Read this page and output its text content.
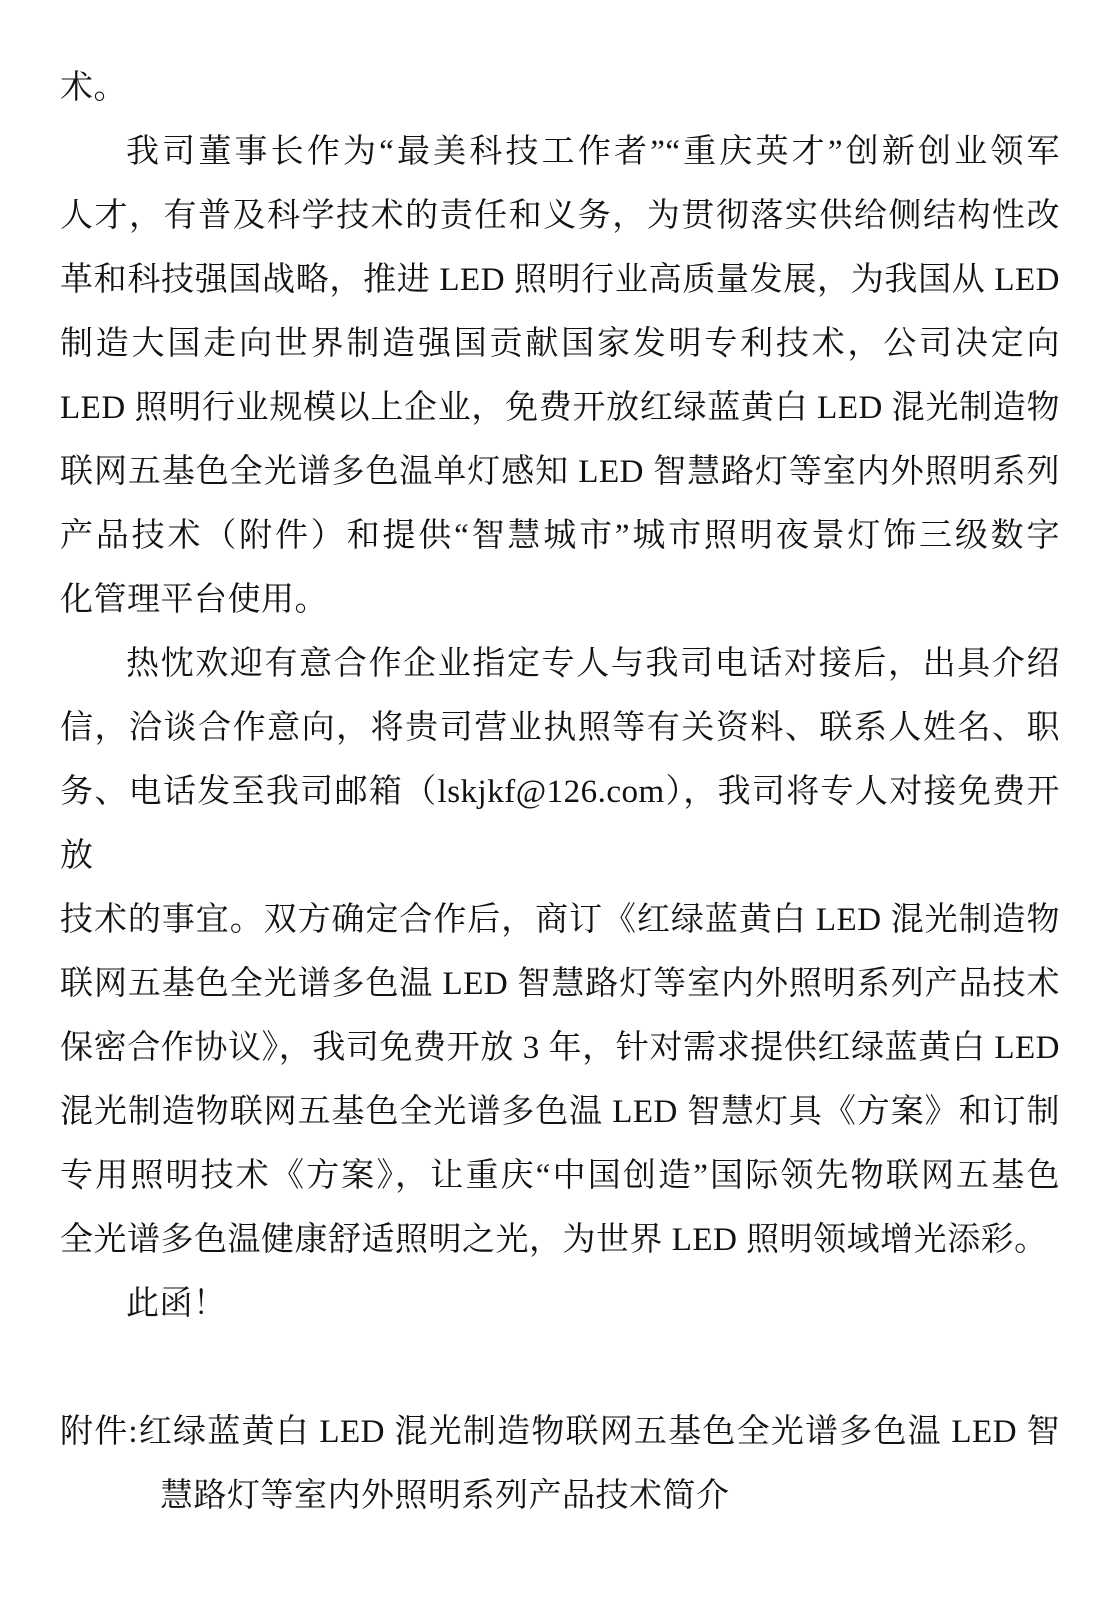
术。
我司董事长作为“最美科技工作者”“重庆英才”创新创业领军
人才，有普及科学技术的责任和义务，为贯彻落实供给侧结构性改
革和科技强国战略，推进 LED 照明行业高质量发展，为我国从 LED
制造大国走向世界制造强国贡献国家发明专利技术，公司决定向
LED 照明行业规模以上企业，免费开放红绿蓝黄白 LED 混光制造物
联网五基色全光谱多色温单灯感知 LED 智慧路灯等室内外照明系列
产品技术（附件）和提供“智慧城市”城市照明夜景灯饰三级数字
化管理平台使用。
热忱欢迎有意合作企业指定专人与我司电话对接后，出具介绍
信，洽谈合作意向，将贵司营业执照等有关资料、联系人姓名、职
务、电话发至我司邮箱（lskjkf@126.com），我司将专人对接免费开放
技术的事宜。双方确定合作后，商订《红绿蓝黄白 LED 混光制造物
联网五基色全光谱多色温 LED 智慧路灯等室内外照明系列产品技术
保密合作协议》，我司免费开放 3 年，针对需求提供红绿蓝黄白 LED
混光制造物联网五基色全光谱多色温 LED 智慧灯具《方案》和订制
专用照明技术《方案》，让重庆“中国创造”国际领先物联网五基色
全光谱多色温健康舒适照明之光，为世界 LED 照明领域增光添彩。
此函！
附件:红绿蓝黄白 LED 混光制造物联网五基色全光谱多色温 LED 智
慧路灯等室内外照明系列产品技术简介
